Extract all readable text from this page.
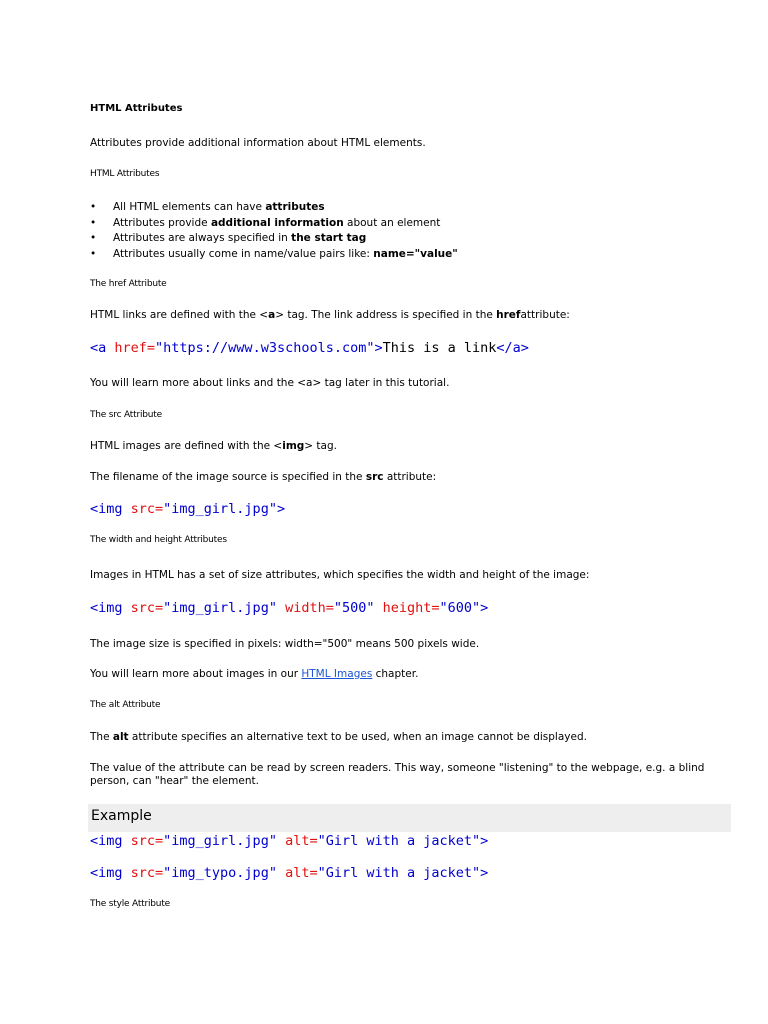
HTML Attributes
Attributes provide additional information about HTML elements.
HTML Attributes
• All HTML elements can have attributes
• Attributes provide additional information about an element
• Attributes are always specified in the start tag
• Attributes usually come in name/value pairs like: name="value"
The href Attribute
HTML links are defined with the <a> tag. The link address is specified in the hrefattribute:
<a href="https://www.w3schools.com">This is a link</a>
You will learn more about links and the <a> tag later in this tutorial.
The src Attribute
HTML images are defined with the <img> tag.
The filename of the image source is specified in the src attribute:
<img src="img_girl.jpg">
The width and height Attributes
Images in HTML has a set of size attributes, which specifies the width and height of the image:
<img src="img_girl.jpg" width="500" height="600">
The image size is specified in pixels: width="500" means 500 pixels wide.
You will learn more about images in our HTML Images chapter.
The alt Attribute
The alt attribute specifies an alternative text to be used, when an image cannot be displayed.
The value of the attribute can be read by screen readers. This way, someone "listening" to the webpage, e.g. a blind person, can "hear" the element.
Example
<img src="img_girl.jpg" alt="Girl with a jacket">
<img src="img_typo.jpg" alt="Girl with a jacket">
The style Attribute
